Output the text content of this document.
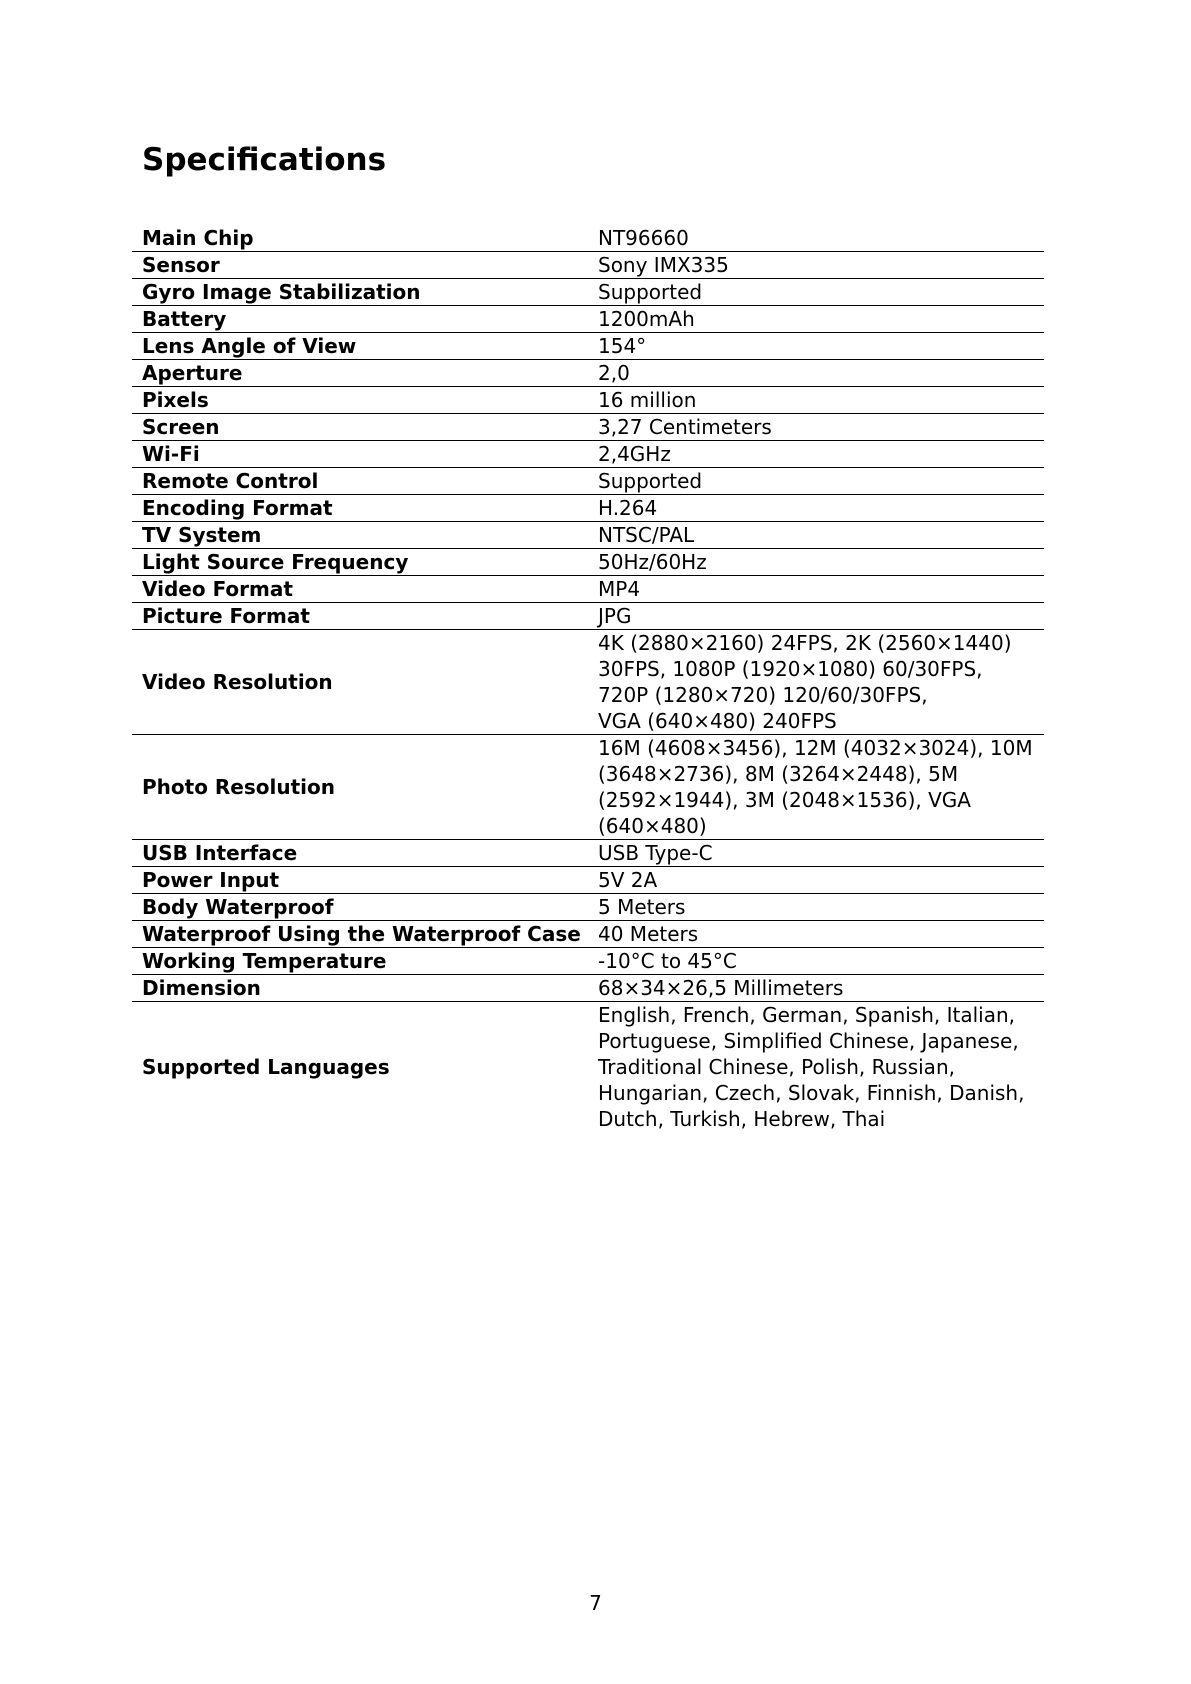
Specifications
Main Chip	NT96660

Sensor	Sony IMX335

Gyro Image Stabilization	Supported

Battery	1200mAh

Lens Angle of View	154°

Aperture	2,0

Pixels	16 million

Screen	3,27 Centimeters

Wi-Fi	2,4GHz

Remote Control	Supported

Encoding Format	H.264

TV System	NTSC/PAL

Light Source Frequency	50Hz/60Hz

Video Format	MP4

Picture Format	JPG

Video Resolution	4K (2880×2160) 24FPS, 2K (2560×1440)
30FPS, 1080P (1920×1080) 60/30FPS,
720P (1280×720) 120/60/30FPS,
VGA (640×480) 240FPS

Photo Resolution	16M (4608×3456), 12M (4032×3024), 10M
(3648×2736), 8M (3264×2448), 5M
(2592×1944), 3M (2048×1536), VGA
(640×480)

USB Interface	USB Type-C

Power Input	5V 2A

Body Waterproof	5 Meters

Waterproof Using the Waterproof Case	40 Meters

Working Temperature	-10°C to 45°C

Dimension	68×34×26,5 Millimeters

Supported Languages	English, French, German, Spanish, Italian,
Portuguese, Simplified Chinese, Japanese,
Traditional Chinese, Polish, Russian,
Hungarian, Czech, Slovak, Finnish, Danish,
Dutch, Turkish, Hebrew, Thai
7
